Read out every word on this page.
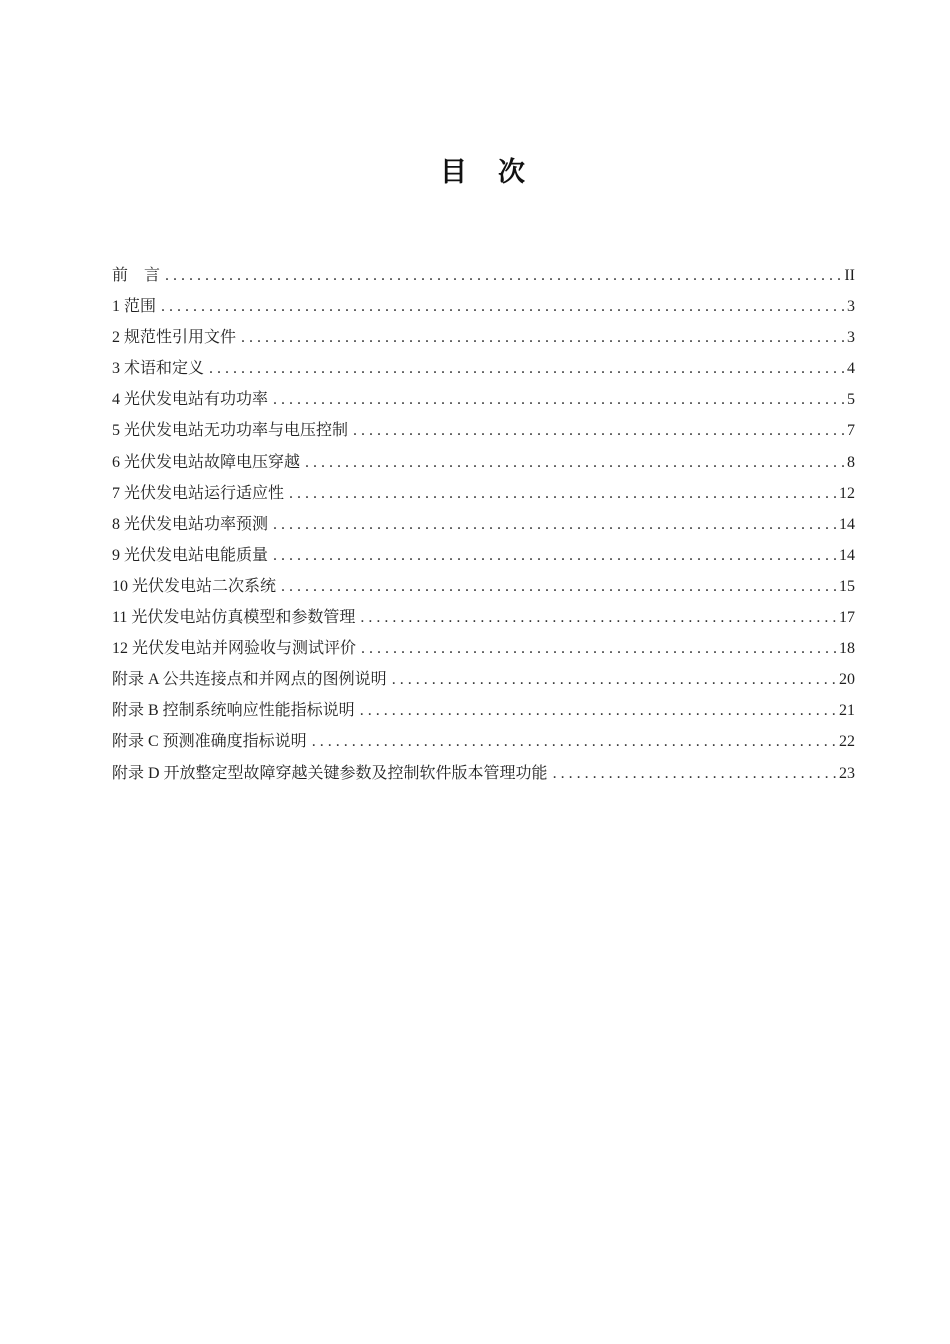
目　次
前　言 .....	II
1 范围 .....	3
2 规范性引用文件 .....	3
3 术语和定义 .....	4
4 光伏发电站有功功率 .....	5
5 光伏发电站无功功率与电压控制 .....	7
6 光伏发电站故障电压穿越 .....	8
7 光伏发电站运行适应性 .....	12
8 光伏发电站功率预测 .....	14
9 光伏发电站电能质量 .....	14
10 光伏发电站二次系统 .....	15
11 光伏发电站仿真模型和参数管理 .....	17
12 光伏发电站并网验收与测试评价 .....	18
附录 A 公共连接点和并网点的图例说明 .....	20
附录 B 控制系统响应性能指标说明 .....	21
附录 C 预测准确度指标说明 .....	22
附录 D 开放整定型故障穿越关键参数及控制软件版本管理功能 .....	23
